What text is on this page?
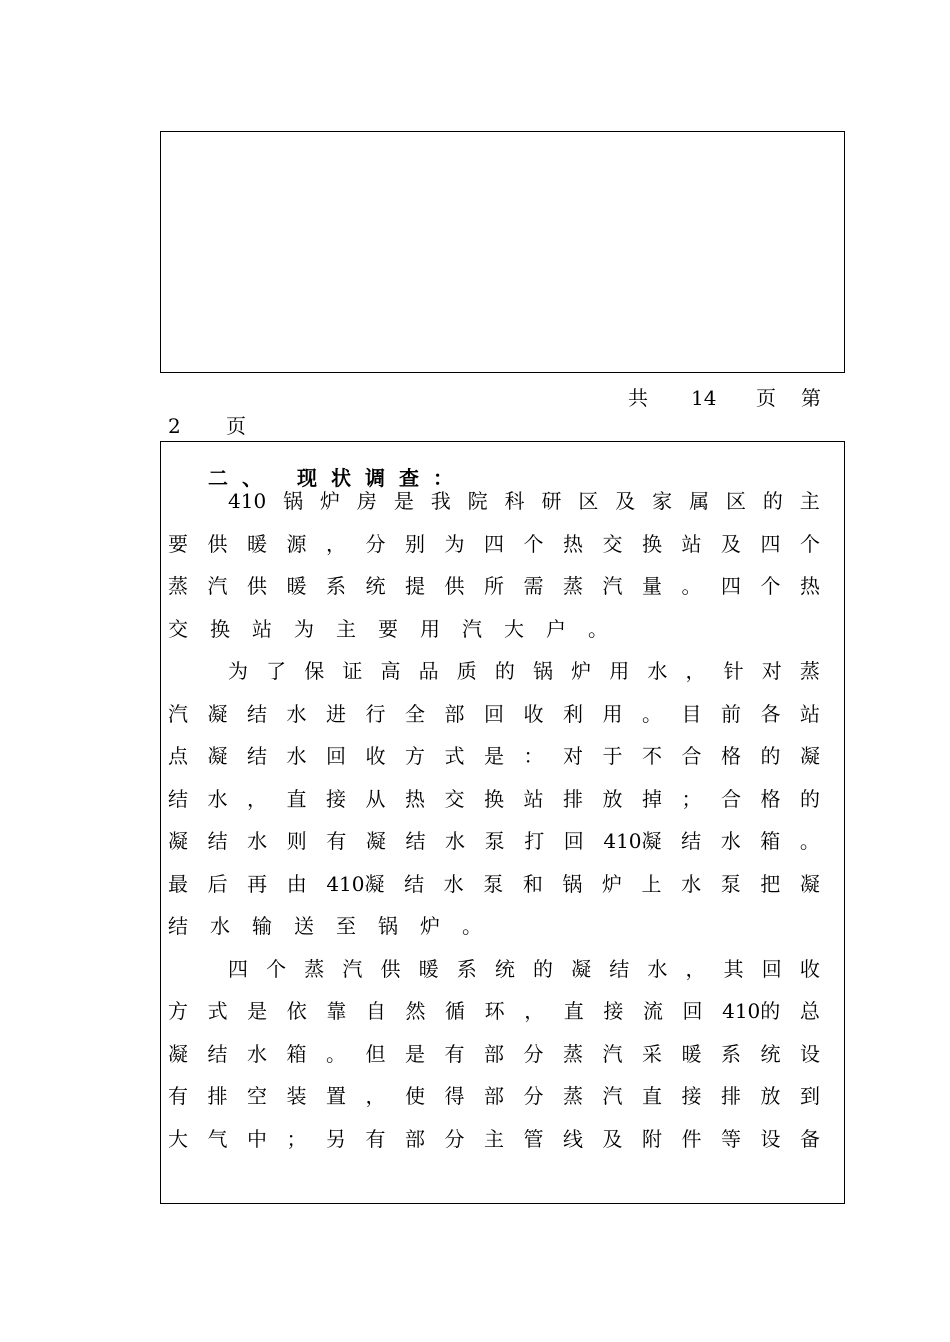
共 14 页 第
2 页
二、 现状调查：
410 锅 炉 房 是 我 院 科 研 区 及 家 属 区 的 主
要 供 暖 源 ， 分 别 为 四 个 热 交 换 站 及 四 个
蒸 汽 供 暖 系 统 提 供 所 需 蒸 汽 量 。 四 个 热
交 换 站 为 主 要 用 汽 大 户 。
为 了 保 证 高 品 质 的 锅 炉 用 水 ， 针 对 蒸
汽 凝 结 水 进 行 全 部 回 收 利 用 。 目 前 各 站
点 凝 结 水 回 收 方 式 是 ： 对 于 不 合 格 的 凝
结 水 ， 直 接 从 热 交 换 站 排 放 掉 ； 合 格 的
凝 结 水 则 有 凝 结 水 泵 打 回 410凝 结 水 箱 。
最 后 再 由 410凝 结 水 泵 和 锅 炉 上 水 泵 把 凝
结 水 输 送 至 锅 炉 。
四 个 蒸 汽 供 暖 系 统 的 凝 结 水 ， 其 回 收
方 式 是 依 靠 自 然 循 环 ， 直 接 流 回 410的 总
凝 结 水 箱 。 但 是 有 部 分 蒸 汽 采 暖 系 统 设
有 排 空 装 置 ， 使 得 部 分 蒸 汽 直 接 排 放 到
大 气 中 ； 另 有 部 分 主 管 线 及 附 件 等 设 备
